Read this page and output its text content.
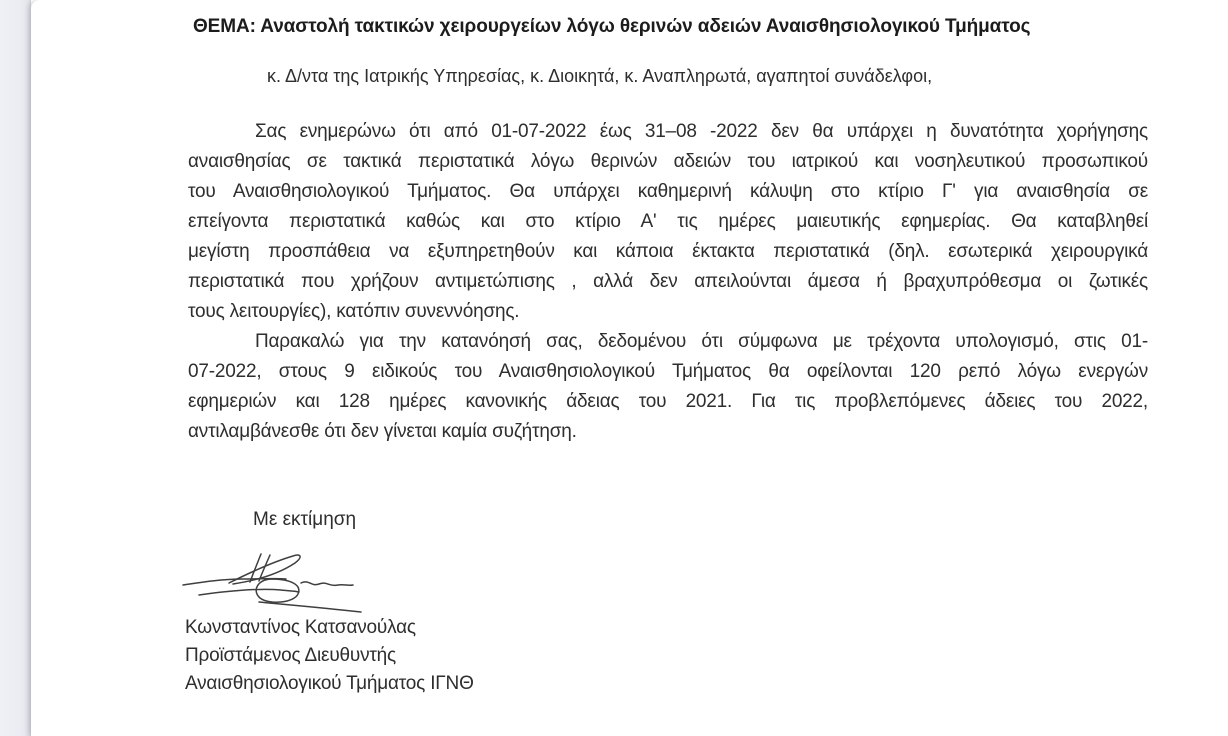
ΘΕΜΑ: Αναστολή τακτικών χειρουργείων λόγω θερινών αδειών Αναισθησιολογικού Τμήματος
κ. Δ/ντα της Ιατρικής Υπηρεσίας, κ. Διοικητά, κ. Αναπληρωτά, αγαπητοί συνάδελφοι,
Σας ενημερώνω ότι από 01-07-2022 έως 31–08 -2022 δεν θα υπάρχει η δυνατότητα χορήγησης
αναισθησίας σε τακτικά περιστατικά λόγω θερινών αδειών του ιατρικού και νοσηλευτικού προσωπικού
του Αναισθησιολογικού Τμήματος. Θα υπάρχει καθημερινή κάλυψη στο κτίριο Γ' για αναισθησία σε
επείγοντα περιστατικά καθώς και στο κτίριο Α' τις ημέρες μαιευτικής εφημερίας. Θα καταβληθεί
μεγίστη προσπάθεια να εξυπηρετηθούν και κάποια έκτακτα περιστατικά (δηλ. εσωτερικά χειρουργικά
περιστατικά που χρήζουν αντιμετώπισης , αλλά δεν απειλούνται άμεσα ή βραχυπρόθεσμα οι ζωτικές
τους λειτουργίες), κατόπιν συνεννόησης.
Παρακαλώ για την κατανόησή σας, δεδομένου ότι σύμφωνα με τρέχοντα υπολογισμό, στις 01-
07-2022, στους 9 ειδικούς του Αναισθησιολογικού Τμήματος θα οφείλονται 120 ρεπό λόγω ενεργών
εφημεριών και 128 ημέρες κανονικής άδειας του 2021. Για τις προβλεπόμενες άδειες του 2022,
αντιλαμβάνεσθε ότι δεν γίνεται καμία συζήτηση.
Με εκτίμηση
Κωνσταντίνος Κατσανούλας
Προϊστάμενος Διευθυντής
Αναισθησιολογικού Τμήματος ΙΓΝΘ
